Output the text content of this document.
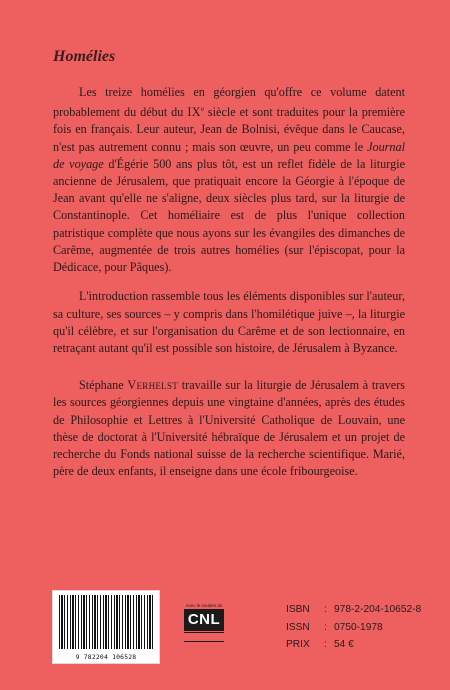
Homélies

Les treize homélies en géorgien qu'offre ce volume datent probablement du début du IXe siècle et sont traduites pour la première fois en français. Leur auteur, Jean de Bolnisi, évêque dans le Caucase, n'est pas autrement connu ; mais son œuvre, un peu comme le Journal de voyage d'Égérie 500 ans plus tôt, est un reflet fidèle de la liturgie ancienne de Jérusalem, que pratiquait encore la Géorgie à l'époque de Jean avant qu'elle ne s'aligne, deux siècles plus tard, sur la liturgie de Constantinople. Cet homéliaire est de plus l'unique collection patristique complète que nous ayons sur les évangiles des dimanches de Carême, augmentée de trois autres homélies (sur l'épiscopat, pour la Dédicace, pour Pâques).

L'introduction rassemble tous les éléments disponibles sur l'auteur, sa culture, ses sources – y compris dans l'homilétique juive –, la liturgie qu'il célèbre, et sur l'organisation du Carême et de son lectionnaire, en retraçant autant qu'il est possible son histoire, de Jérusalem à Byzance.

Stéphane Verhelst travaille sur la liturgie de Jérusalem à travers les sources géorgiennes depuis une vingtaine d'années, après des études de Philosophie et Lettres à l'Université Catholique de Louvain, une thèse de doctorat à l'Université hébraïque de Jérusalem et un projet de recherche du Fonds national suisse de la recherche scientifique. Marié, père de deux enfants, il enseigne dans une école fribourgeoise.

9 782204 106528
Avec le soutien du
CNL
ISBN	: 978-2-204-10652-8
ISSN	: 0750-1978
PRIX	: 54 €
